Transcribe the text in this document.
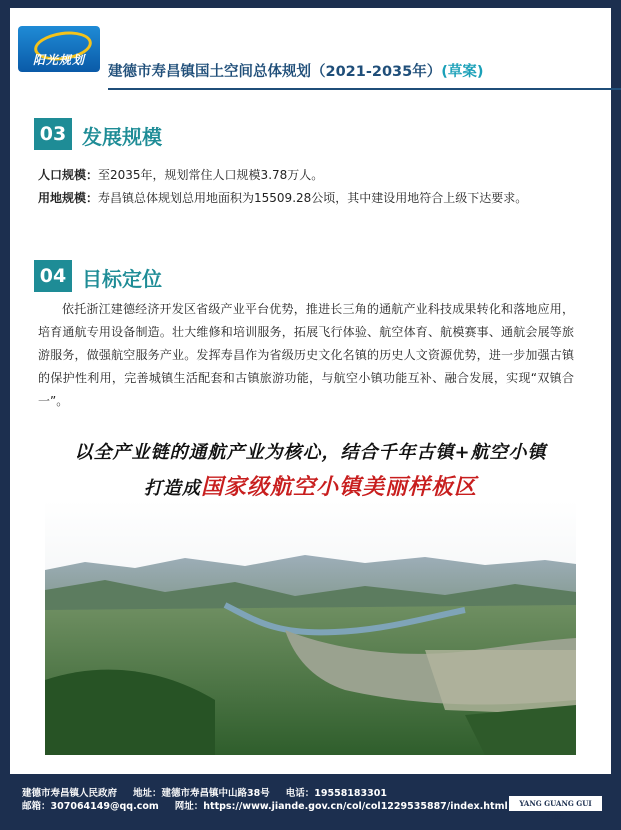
阳光规划
建德市寿昌镇国土空间总体规划（2021-2035年）(草案)
03 发展规模
人口规模：至2035年，规划常住人口规模3.78万人。
用地规模：寿昌镇总体规划总用地面积为15509.28公顷，其中建设用地符合上级下达要求。
04 目标定位

依托浙江建德经济开发区省级产业平台优势，推进长三角的通航产业科技成果转化和落地应用，培育通航专用设备制造。壮大维修和培训服务，拓展飞行体验、航空体育、航模赛事、通航会展等旅游服务，做强航空服务产业。发挥寿昌作为省级历史文化名镇的历史人文资源优势，进一步加强古镇的保护性利用，完善城镇生活配套和古镇旅游功能，与航空小镇功能互补、融合发展，实现“双镇合一”。

以全产业链的通航产业为核心，结合千年古镇+航空小镇
打造成国家级航空小镇美丽样板区
建德市寿昌镇人民政府 地址：建德市寿昌镇中山路38号 电话：19558183301
邮箱：307064149@qq.com 网址：https://www.jiande.gov.cn/col/col1229535887/index.html	YANG GUANG GUI HUA
